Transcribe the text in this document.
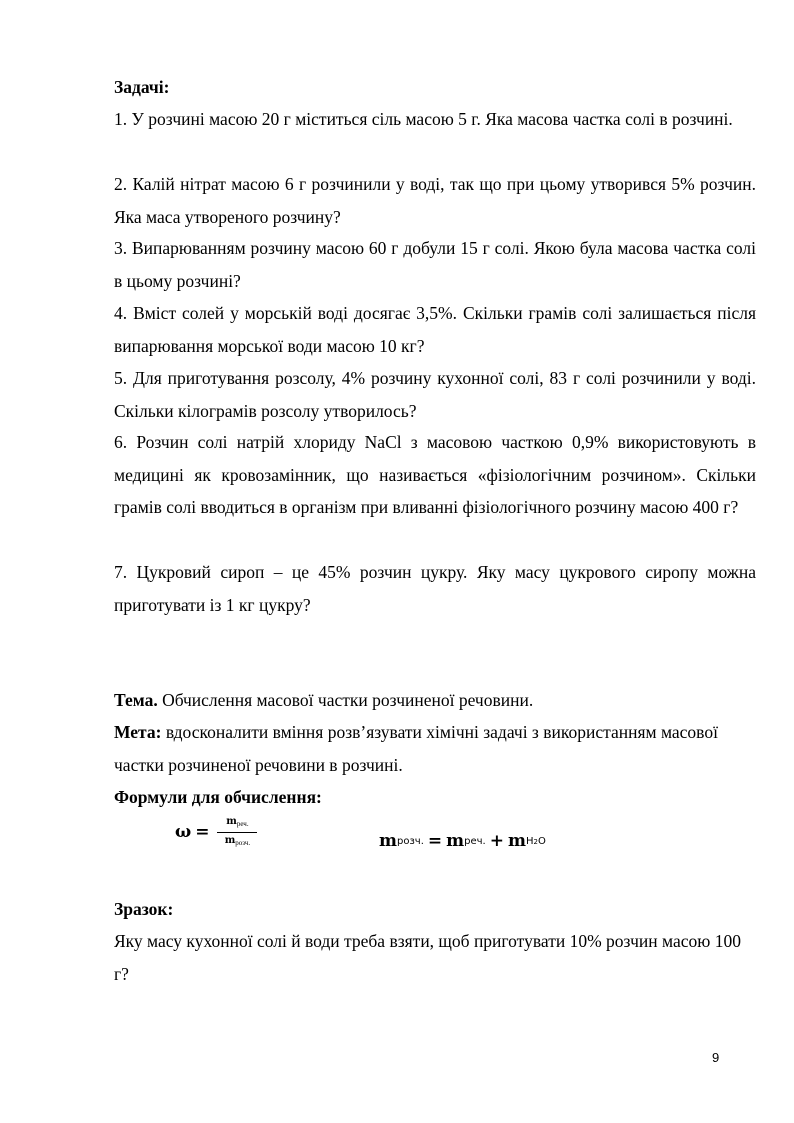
Задачі:
1. У розчині масою 20 г міститься сіль масою 5 г. Яка масова частка солі в розчині.
2. Калій нітрат масою 6 г розчинили у воді, так що при цьому утворився 5% розчин. Яка маса утвореного розчину?
3. Випарюванням розчину масою 60 г добули 15 г солі. Якою була масова частка солі в цьому розчині?
4. Вміст солей у морській воді досягає 3,5%. Скільки грамів солі залишається після випарювання морської води масою 10 кг?
5. Для приготування розсолу, 4% розчину кухонної солі, 83 г солі розчинили у воді. Скільки кілограмів розсолу утворилось?
6. Розчин солі натрій хлориду NaCl з масовою часткою 0,9% використовують в медицині як кровозамінник, що називається «фізіологічним розчином». Скільки грамів солі вводиться в організм при вливанні фізіологічного розчину масою 400 г?
7. Цукровий сироп – це 45% розчин цукру. Яку масу цукрового сиропу можна приготувати із 1 кг цукру?
Тема. Обчислення масової частки розчиненої речовини.
Мета: вдосконалити вміння розв’язувати хімічні задачі з використанням масової частки розчиненої речовини в розчині.
Формули для обчислення:
$\omega = \frac{m_{реч.}}{m_{розч.}}$	m розч. = m реч. + m H2O
Зразок:
Яку масу кухонної солі й води треба взяти, щоб приготувати 10% розчин масою 100 г?
9
